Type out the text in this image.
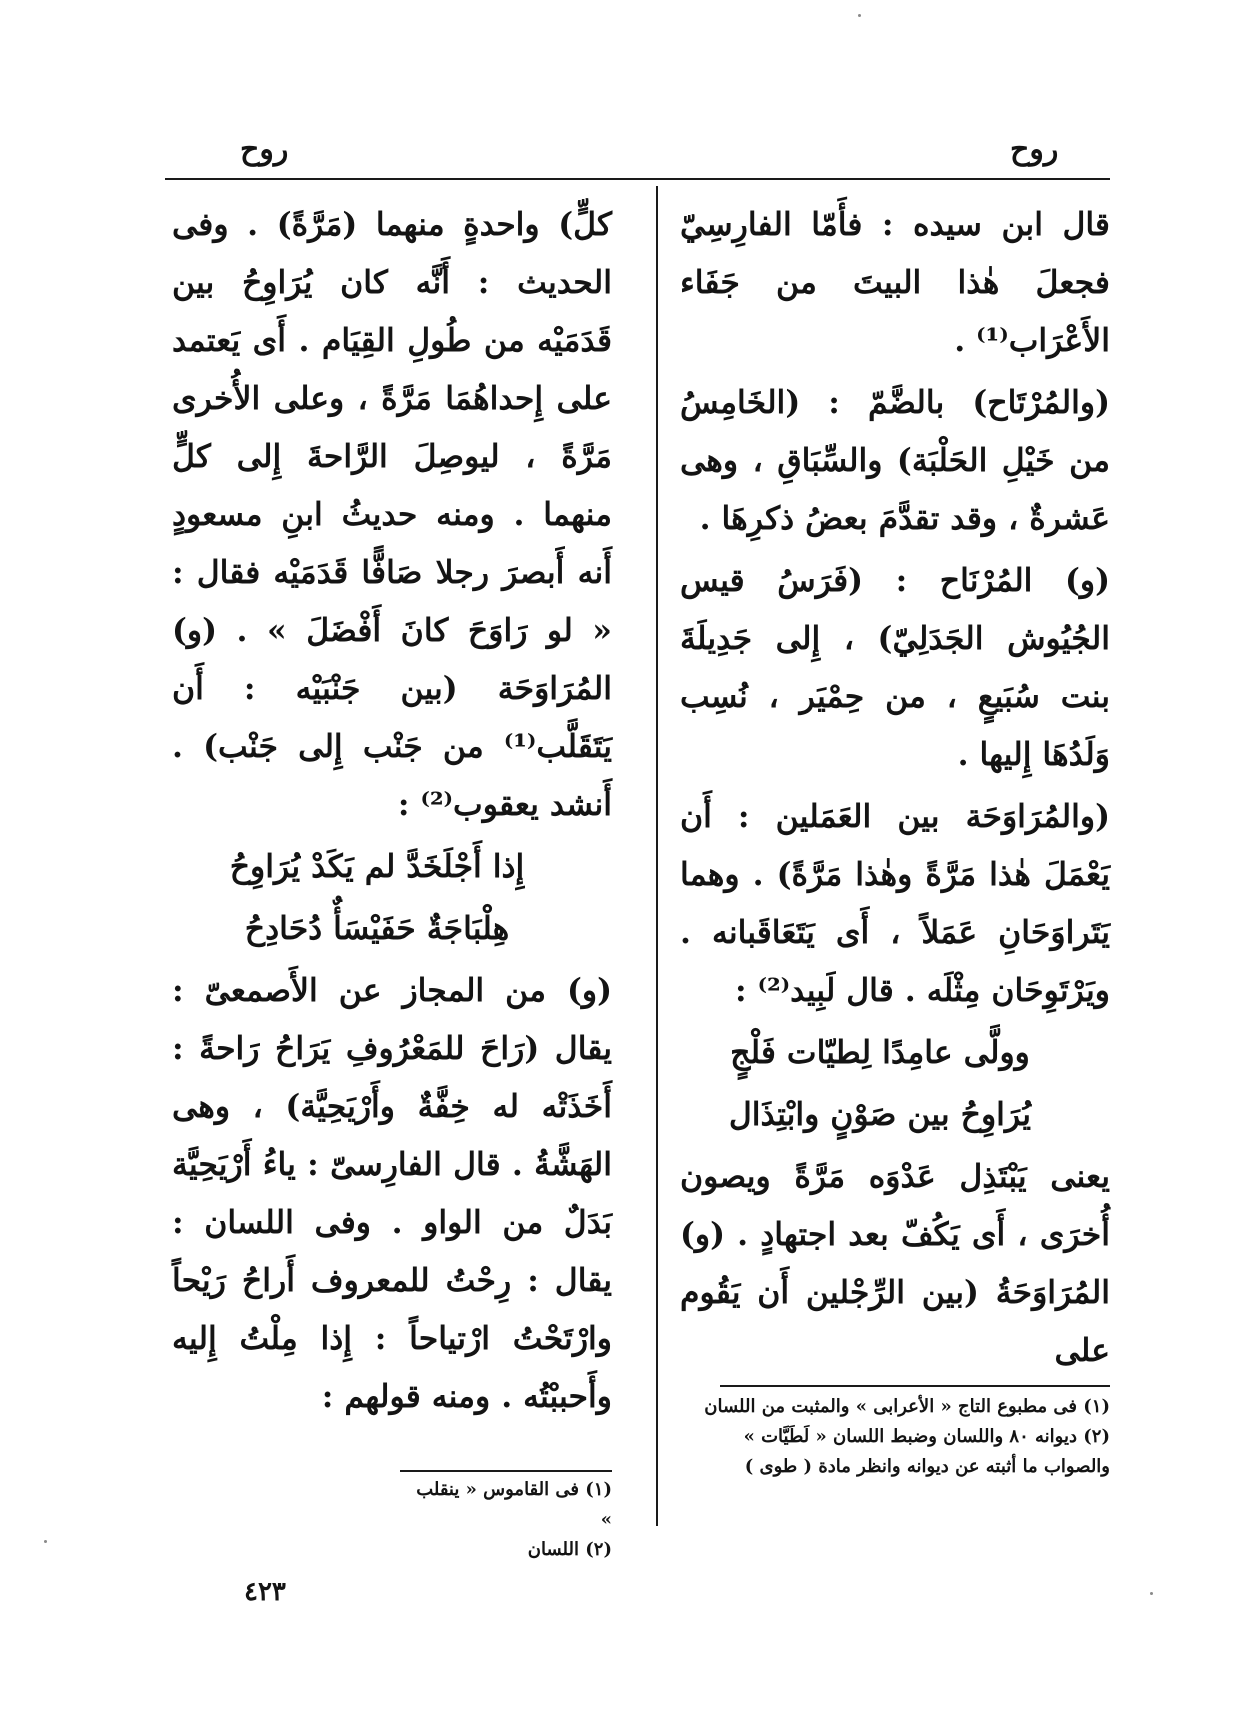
روح
روح

قال ابن سيده : فأَمّا الفارِسِيّ فجعلَ هٰذا البيتَ من جَفَاء الأَعْرَاب⁽¹⁾ .

(والمُرْتَاح) بالضَّمّ : (الخَامِسُ من خَيْلِ الحَلْبَة) والسِّبَاقِ ، وهى عَشرةٌ ، وقد تقدَّمَ بعضُ ذكرِهَا .

(و) المُرْنَاح : (فَرَسُ قيس الجُيُوش الجَدَلِيّ) ، إِلى جَدِيلَةَ بنت سُبَيعٍ ، من حِمْيَر ، نُسِب وَلَدُهَا إِليها .

(والمُرَاوَحَة بين العَمَلين : أَن يَعْمَلَ هٰذا مَرَّةً وهٰذا مَرَّةً) . وهما يَتَراوَحَانِ عَمَلاً ، أَى يَتَعَاقَبانه . ويَرْتَوِحَان مِثْلَه . قال لَبِيد⁽²⁾ :

وولَّى عامِدًا لِطيّات فَلْجٍ

يُرَاوِحُ بين صَوْنٍ وابْتِذَال

يعنى يَبْتَذِل عَدْوَه مَرَّةً ويصون أُخرَى ، أَى يَكُفّ بعد اجتهادٍ . (و) المُرَاوَحَةُ (بين الرِّجْلين أَن يَقُوم على

كلٍّ) واحدةٍ منهما (مَرَّةً) . وفى الحديث : أَنَّه كان يُرَاوِحُ بين قَدَمَيْه من طُولِ القِيَام . أَى يَعتمد على إِحداهُمَا مَرَّةً ، وعلى الأُخرى مَرَّةً ، ليوصِلَ الرَّاحةَ إِلى كلٍّ منهما . ومنه حديثُ ابنِ مسعودٍ أَنه أَبصرَ رجلا صَافًّا قَدَمَيْه فقال : « لو رَاوَحَ كانَ أَفْضَلَ » . (و) المُرَاوَحَة (بين جَنْبَيْه : أَن يَتَقَلَّب⁽¹⁾ من جَنْب إِلى جَنْب) . أَنشد يعقوب⁽²⁾ :

إِذا أَجْلَخَدَّ لم يَكَدْ يُرَاوِحُ

هِلْبَاجَةٌ حَفَيْسَأٌ دُحَادِحُ

(و) من المجاز عن الأَصمعىّ : يقال (رَاحَ للمَعْرُوفِ يَرَاحُ رَاحةً : أَخَذَتْه له خِفَّةٌ وأَرْيَحِيَّة) ، وهى الهَشَّةُ . قال الفارِسىّ : ياءُ أَرْيَحِيَّة بَدَلٌ من الواو . وفى اللسان : يقال : رِحْتُ للمعروف أَراحُ رَيْحاً وارْتَحْتُ ارْتياحاً : إِذا مِلْتُ إِليه وأَحببْتُه . ومنه قولهم :	(١) فى مطبوع التاج « الأعرابى » والمثبت من اللسان

(٢) ديوانه ٨٠ واللسان وضبط اللسان « لَطَيَّات » والصواب ما أثبته عن ديوانه وانظر مادة ( طوى )

(١) فى القاموس « ينقلب »

(٢) اللسان

٤٢٣
